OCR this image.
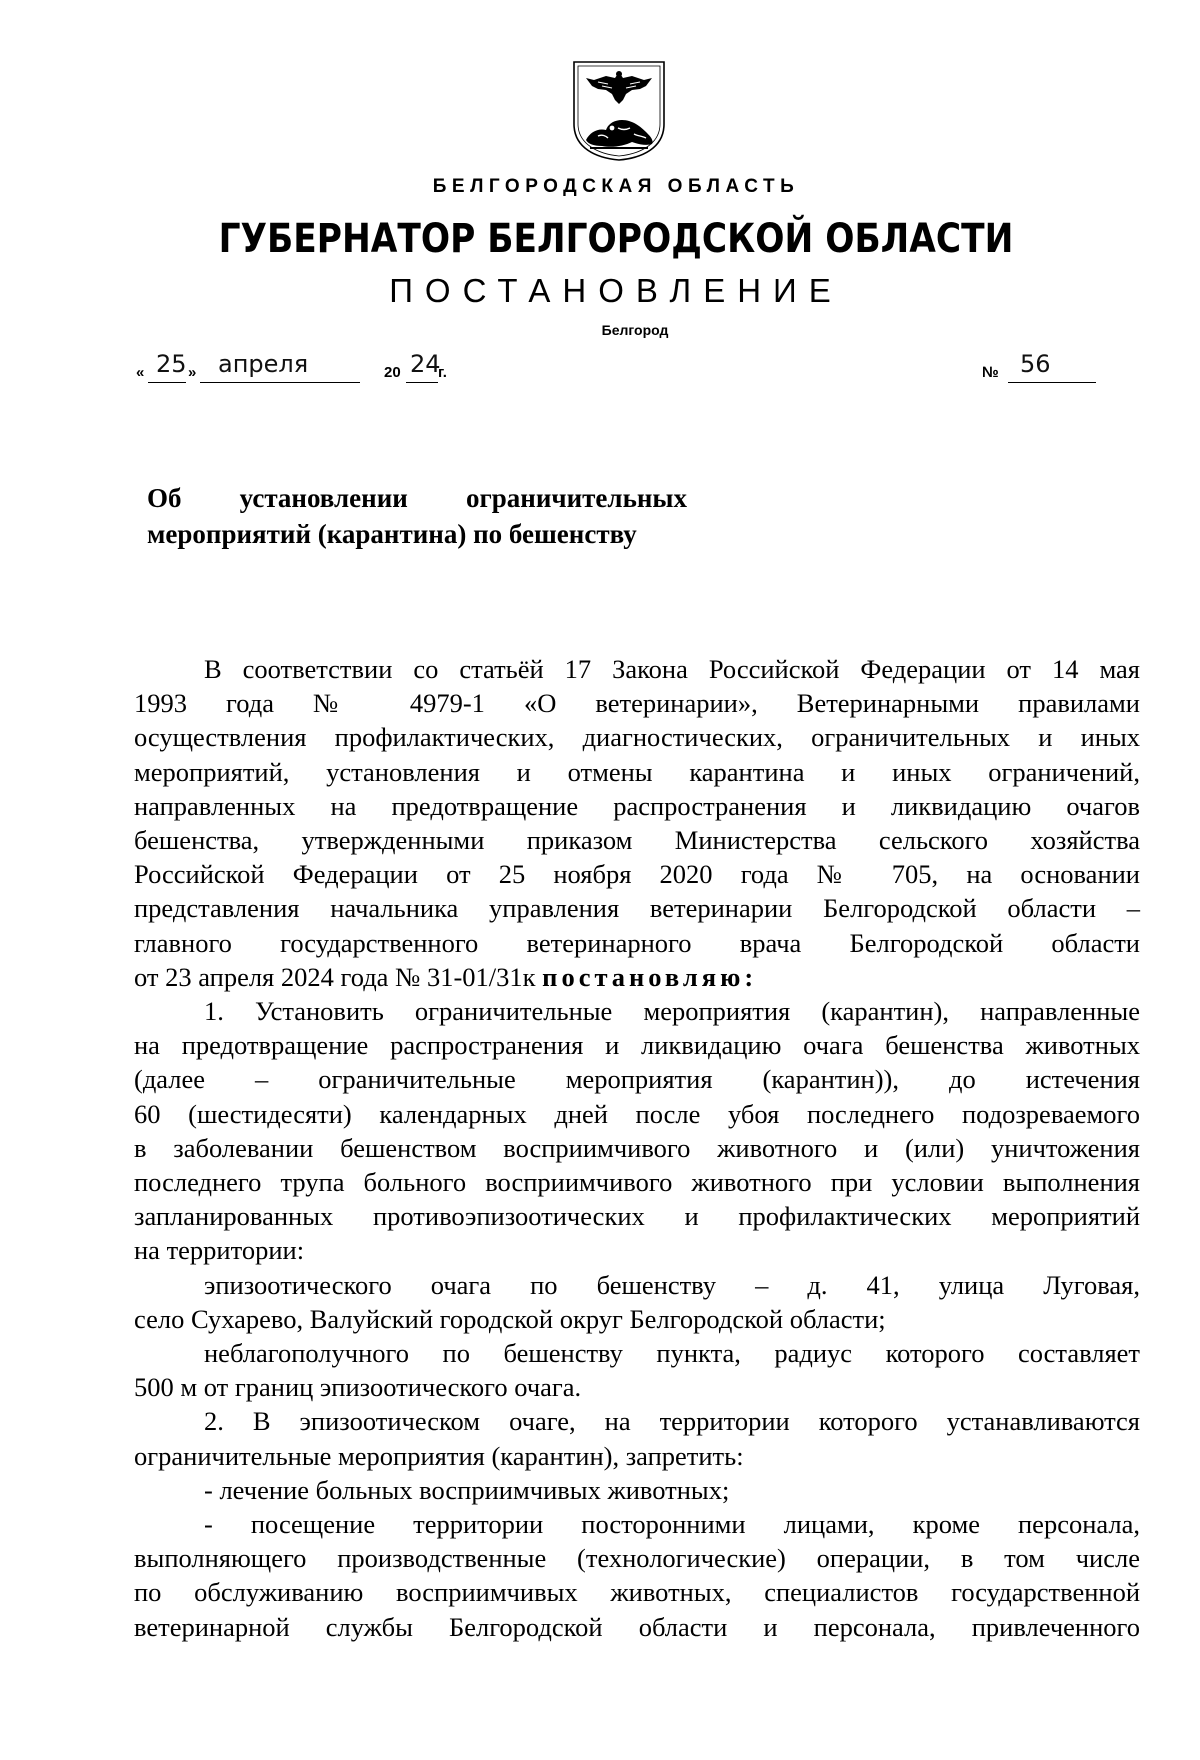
БЕЛГОРОДСКАЯ ОБЛАСТЬ
ГУБЕРНАТОР БЕЛГОРОДСКОЙ ОБЛАСТИ
ПОСТАНОВЛЕНИЕ
Белгород
« 25 » апреля	20 24
г.	№ 56
Об установлении ограничительных
мероприятий (карантина) по бешенству
В соответствии со статьёй 17 Закона Российской Федерации от 14 мая
1993 года № 4979-1 «О ветеринарии», Ветеринарными правилами
осуществления профилактических, диагностических, ограничительных и иных
мероприятий, установления и отмены карантина и иных ограничений,
направленных на предотвращение распространения и ликвидацию очагов
бешенства, утвержденными приказом Министерства сельского хозяйства
Российской Федерации от 25 ноября 2020 года № 705, на основании
представления начальника управления ветеринарии Белгородской области –
главного государственного ветеринарного врача Белгородской области
от 23 апреля 2024 года № 31-01/31к постановляю:
1. Установить ограничительные мероприятия (карантин), направленные
на предотвращение распространения и ликвидацию очага бешенства животных
(далее – ограничительные мероприятия (карантин)), до истечения
60 (шестидесяти) календарных дней после убоя последнего подозреваемого
в заболевании бешенством восприимчивого животного и (или) уничтожения
последнего трупа больного восприимчивого животного при условии выполнения
запланированных противоэпизоотических и профилактических мероприятий
на территории:
эпизоотического очага по бешенству – д. 41, улица Луговая,
село Сухарево, Валуйский городской округ Белгородской области;
неблагополучного по бешенству пункта, радиус которого составляет
500 м от границ эпизоотического очага.
2. В эпизоотическом очаге, на территории которого устанавливаются
ограничительные мероприятия (карантин), запретить:
- лечение больных восприимчивых животных;
- посещение территории посторонними лицами, кроме персонала,
выполняющего производственные (технологические) операции, в том числе
по обслуживанию восприимчивых животных, специалистов государственной
ветеринарной службы Белгородской области и персонала, привлеченного
